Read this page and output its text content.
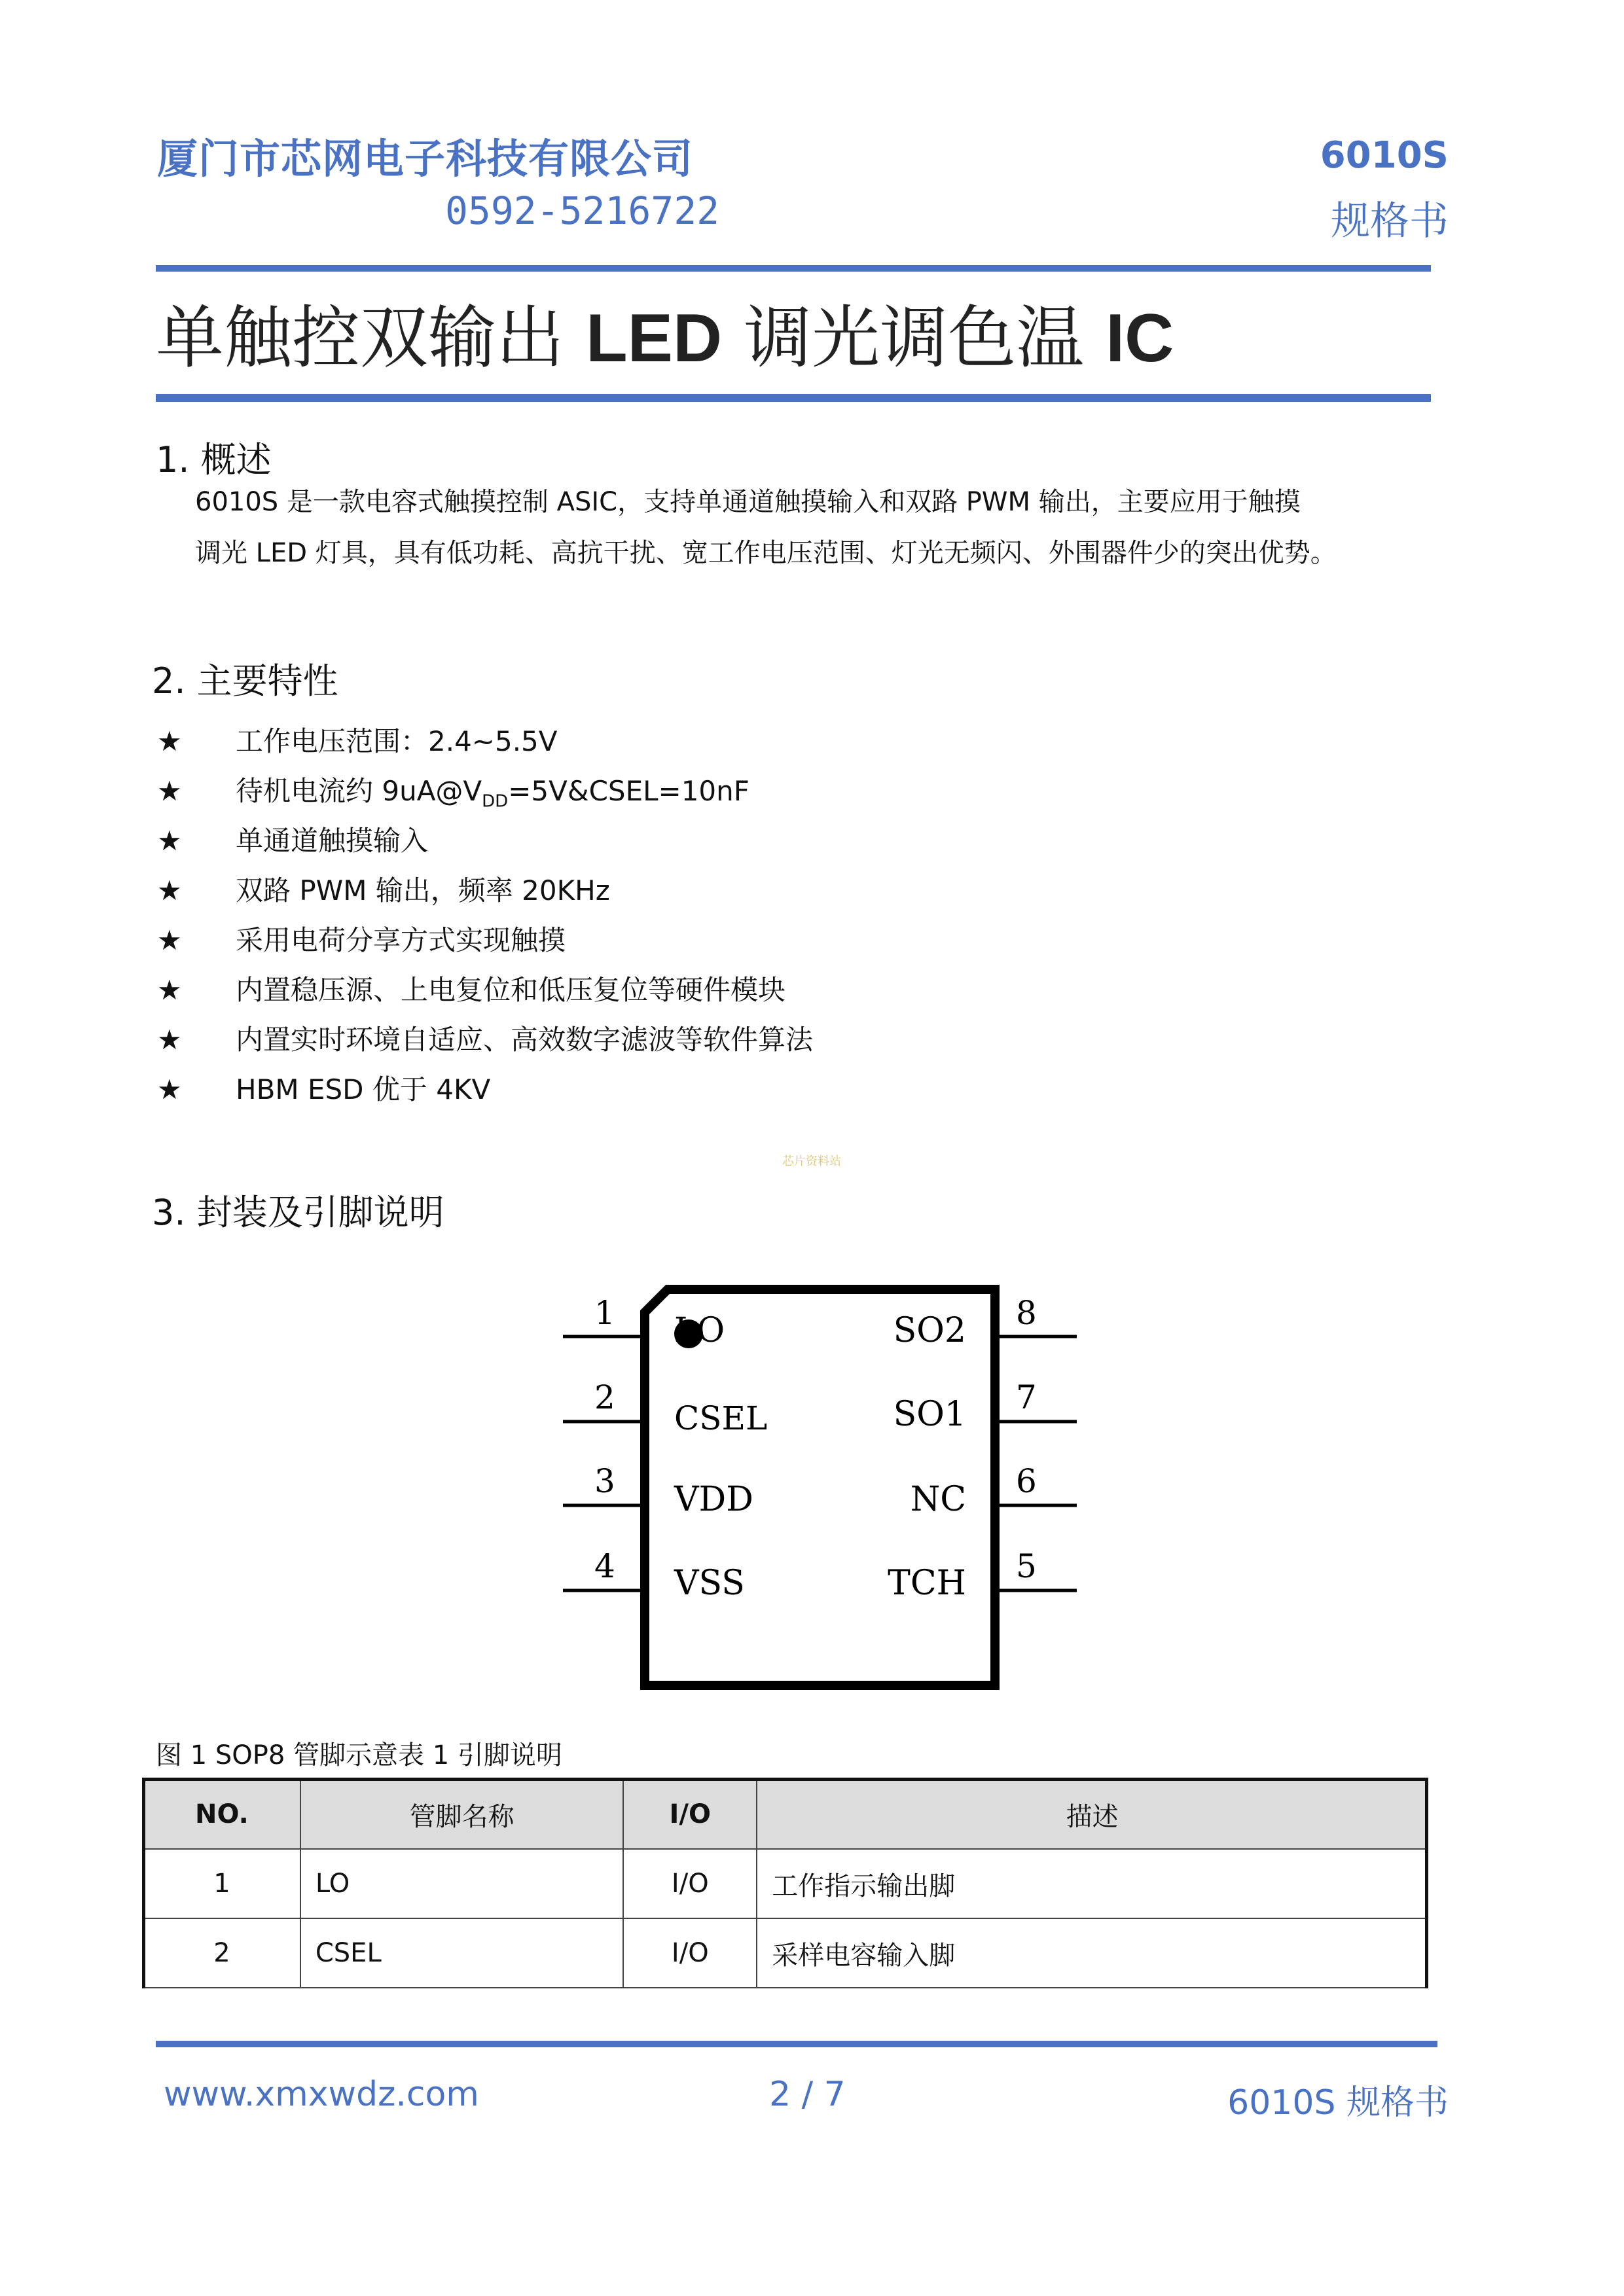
厦门市芯网电子科技有限公司
0592-5216722
6010S
规格书
单触控双输出 LED 调光调色温 IC
1. 概述
6010S 是一款电容式触摸控制 ASIC，支持单通道触摸输入和双路 PWM 输出，主要应用于触摸
调光 LED 灯具，具有低功耗、高抗干扰、宽工作电压范围、灯光无频闪、外围器件少的突出优势。
2. 主要特性
★ 工作电压范围：2.4~5.5V
★ 待机电流约 $9uA@V_{DD}=5V\&CSEL=10nF$
★ 单通道触摸输入
★ 双路 PWM 输出，频率 20KHz
★ 采用电荷分享方式实现触摸
★ 内置稳压源、上电复位和低压复位等硬件模块
★ 内置实时环境自适应、高效数字滤波等软件算法
★ HBM ESD 优于 4KV
芯片资料站
3. 封装及引脚说明
1
2
3
4
8
7
6
5
LO
CSEL
VDD
VSS
SO2
SO1
NC
TCH
图 1 SOP8 管脚示意表 1 引脚说明
NO.	管脚名称	I/O	描述
1	LO	I/O	工作指示输出脚
2	CSEL	I/O	采样电容输入脚
www.xmxwdz.com	2 / 7	6010S 规格书
